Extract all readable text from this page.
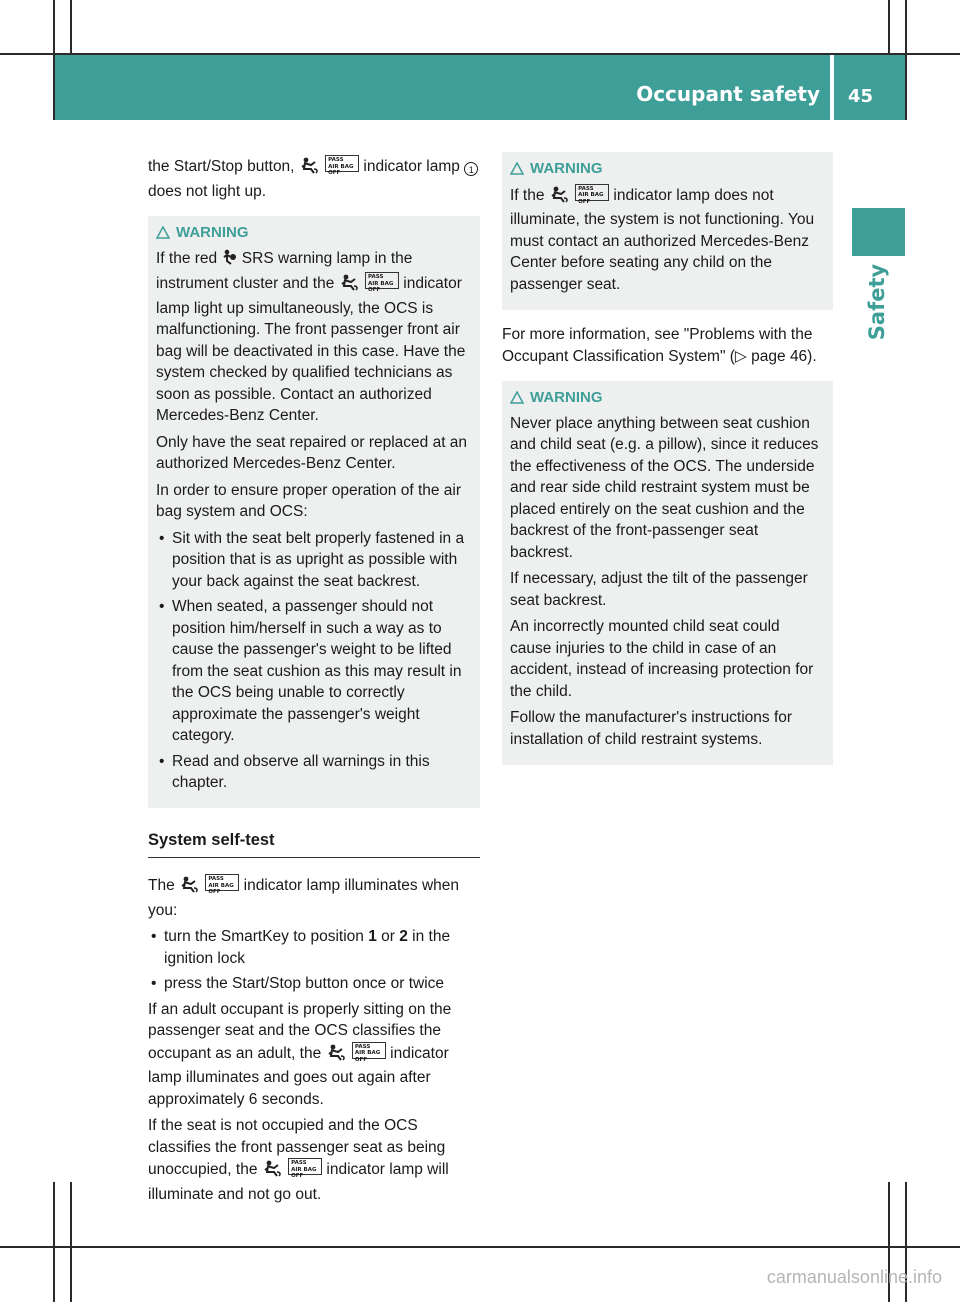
Occupant safety 45
Safety

the Start/Stop button,	PASS
AIR BAG OFF indicator lamp 1 does not light up.

WARNING

If the red  SRS warning lamp in the instrument cluster and the	PASS
AIR BAG OFF indicator lamp light up simultaneously, the OCS is malfunctioning. The front passenger front air bag will be deactivated in this case. Have the system checked by qualified technicians as soon as possible. Contact an authorized Mercedes-Benz Center.

Only have the seat repaired or replaced at an authorized Mercedes-Benz Center.

In order to ensure proper operation of the air bag system and OCS:

• Sit with the seat belt properly fastened in a position that is as upright as possible with your back against the seat backrest.
• When seated, a passenger should not position him/herself in such a way as to cause the passenger's weight to be lifted from the seat cushion as this may result in the OCS being unable to correctly approximate the passenger's weight category.
• Read and observe all warnings in this chapter.
System self-test

The	PASS
AIR BAG OFF indicator lamp illuminates when you:

• turn the SmartKey to position 1 or 2 in the ignition lock
• press the Start/Stop button once or twice

If an adult occupant is properly sitting on the passenger seat and the OCS classifies the occupant as an adult, the	PASS
AIR BAG OFF indicator lamp illuminates and goes out again after approximately 6 seconds.

If the seat is not occupied and the OCS classifies the front passenger seat as being unoccupied, the	PASS
AIR BAG OFF indicator lamp will illuminate and not go out.

WARNING

If the	PASS
AIR BAG OFF indicator lamp does not illuminate, the system is not functioning. You must contact an authorized Mercedes-Benz Center before seating any child on the passenger seat.

For more information, see "Problems with the Occupant Classification System" (▷ page 46).

WARNING

Never place anything between seat cushion and child seat (e.g. a pillow), since it reduces the effectiveness of the OCS. The underside and rear side child restraint system must be placed entirely on the seat cushion and the backrest of the front-passenger seat backrest.

If necessary, adjust the tilt of the passenger seat backrest.

An incorrectly mounted child seat could cause injuries to the child in case of an accident, instead of increasing protection for the child.

Follow the manufacturer's instructions for installation of child restraint systems.

carmanualsonline.info
